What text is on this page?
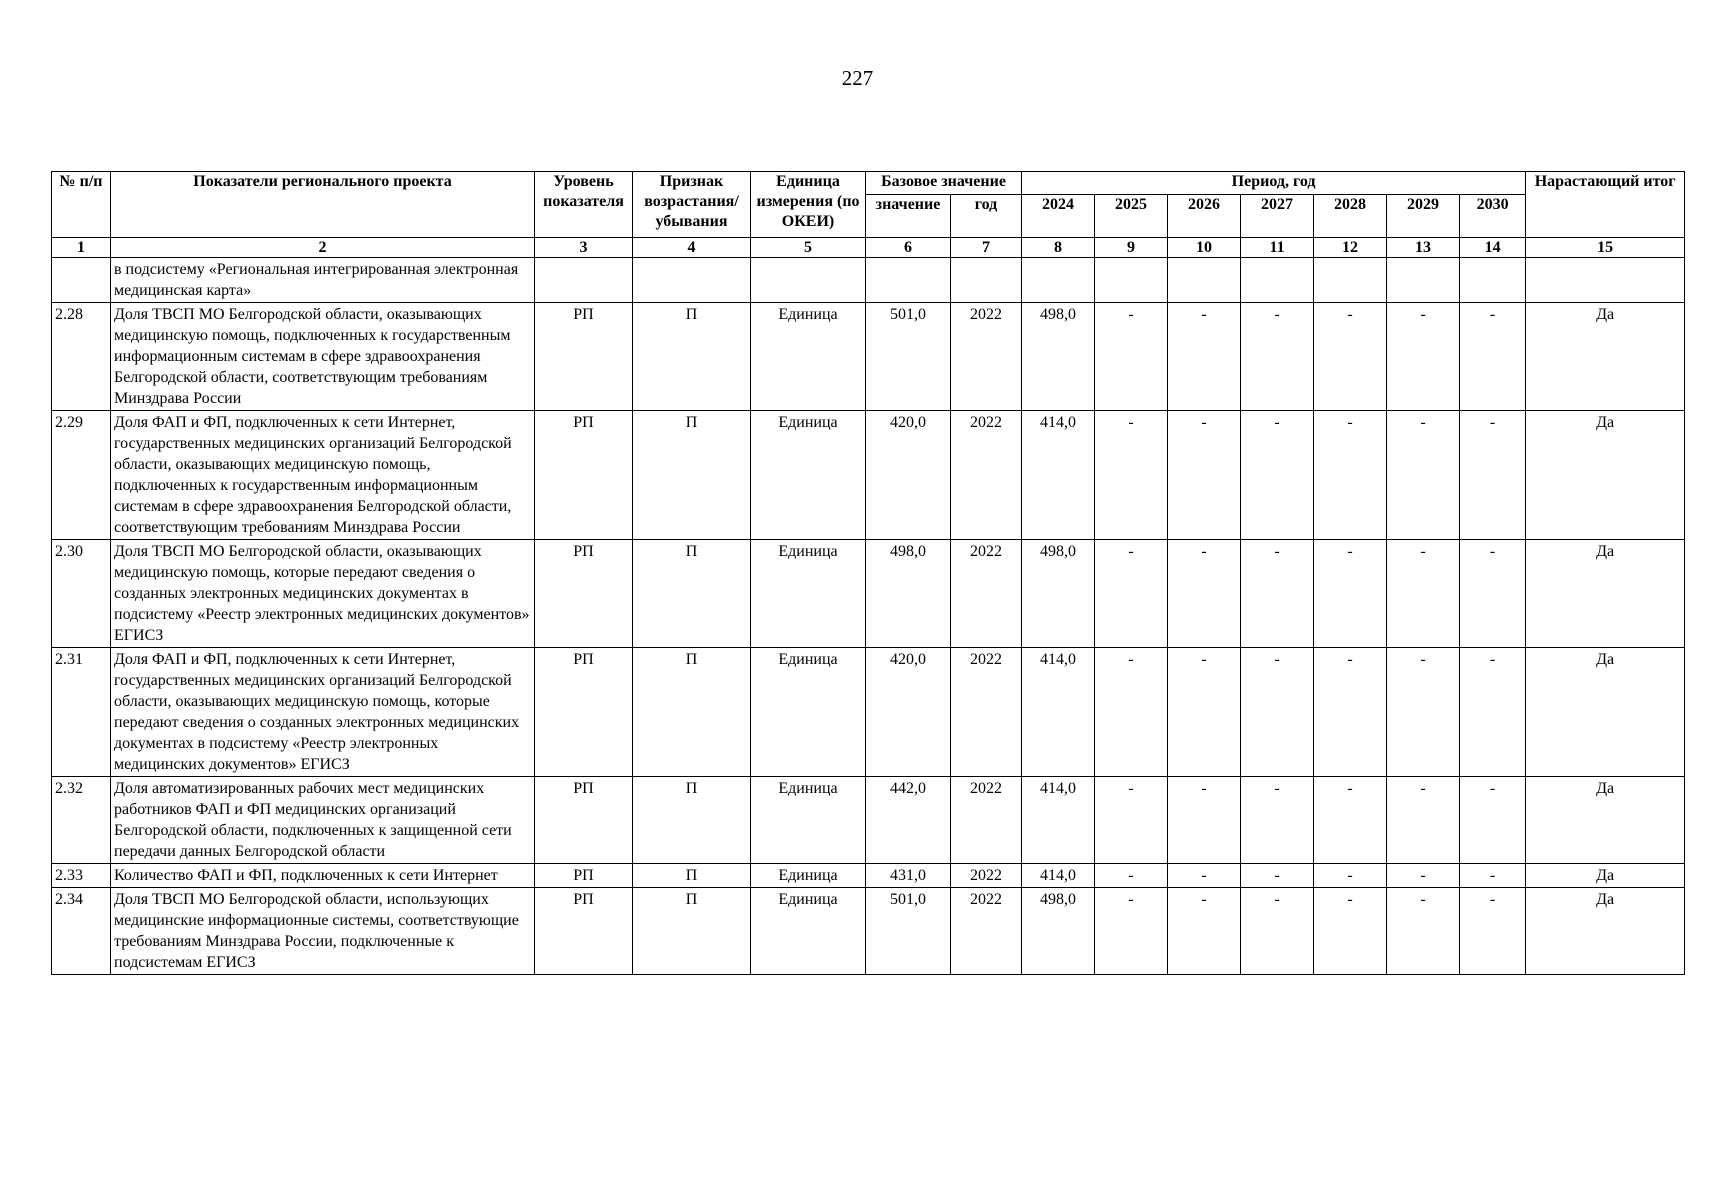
227
№ п/п	Показатели регионального проекта	Уровень показателя	Признак возрастания/ убывания	Единица измерения (по ОКЕИ)	Базовое значение		Период, год							Нарастающий итог
					значение	год	2024	2025	2026	2027	2028	2029	2030	
1	2	3	4	5	6	7	8	9	10	11	12	13	14	15
	в подсистему «Региональная интегрированная электронная медицинская карта»													
2.28	Доля ТВСП МО Белгородской области, оказывающих медицинскую помощь, подключенных к государственным информационным системам в сфере здравоохранения Белгородской области, соответствующим требованиям Минздрава России	РП	П	Единица	501,0	2022	498,0	-	-	-	-	-	-	Да
2.29	Доля ФАП и ФП, подключенных к сети Интернет, государственных медицинских организаций Белгородской области, оказывающих медицинскую помощь, подключенных к государственным информационным системам в сфере здравоохранения Белгородской области, соответствующим требованиям Минздрава России	РП	П	Единица	420,0	2022	414,0	-	-	-	-	-	-	Да
2.30	Доля ТВСП МО Белгородской области, оказывающих медицинскую помощь, которые передают сведения о созданных электронных медицинских документах в подсистему «Реестр электронных медицинских документов» ЕГИСЗ	РП	П	Единица	498,0	2022	498,0	-	-	-	-	-	-	Да
2.31	Доля ФАП и ФП, подключенных к сети Интернет, государственных медицинских организаций Белгородской области, оказывающих медицинскую помощь, которые передают сведения о созданных электронных медицинских документах в подсистему «Реестр электронных медицинских документов» ЕГИСЗ	РП	П	Единица	420,0	2022	414,0	-	-	-	-	-	-	Да
2.32	Доля автоматизированных рабочих мест медицинских работников ФАП и ФП медицинских организаций Белгородской области, подключенных к защищенной сети передачи данных Белгородской области	РП	П	Единица	442,0	2022	414,0	-	-	-	-	-	-	Да
2.33	Количество ФАП и ФП, подключенных к сети Интернет	РП	П	Единица	431,0	2022	414,0	-	-	-	-	-	-	Да
2.34	Доля ТВСП МО Белгородской области, использующих медицинские информационные системы, соответствующие требованиям Минздрава России, подключенные к подсистемам ЕГИСЗ	РП	П	Единица	501,0	2022	498,0	-	-	-	-	-	-	Да
